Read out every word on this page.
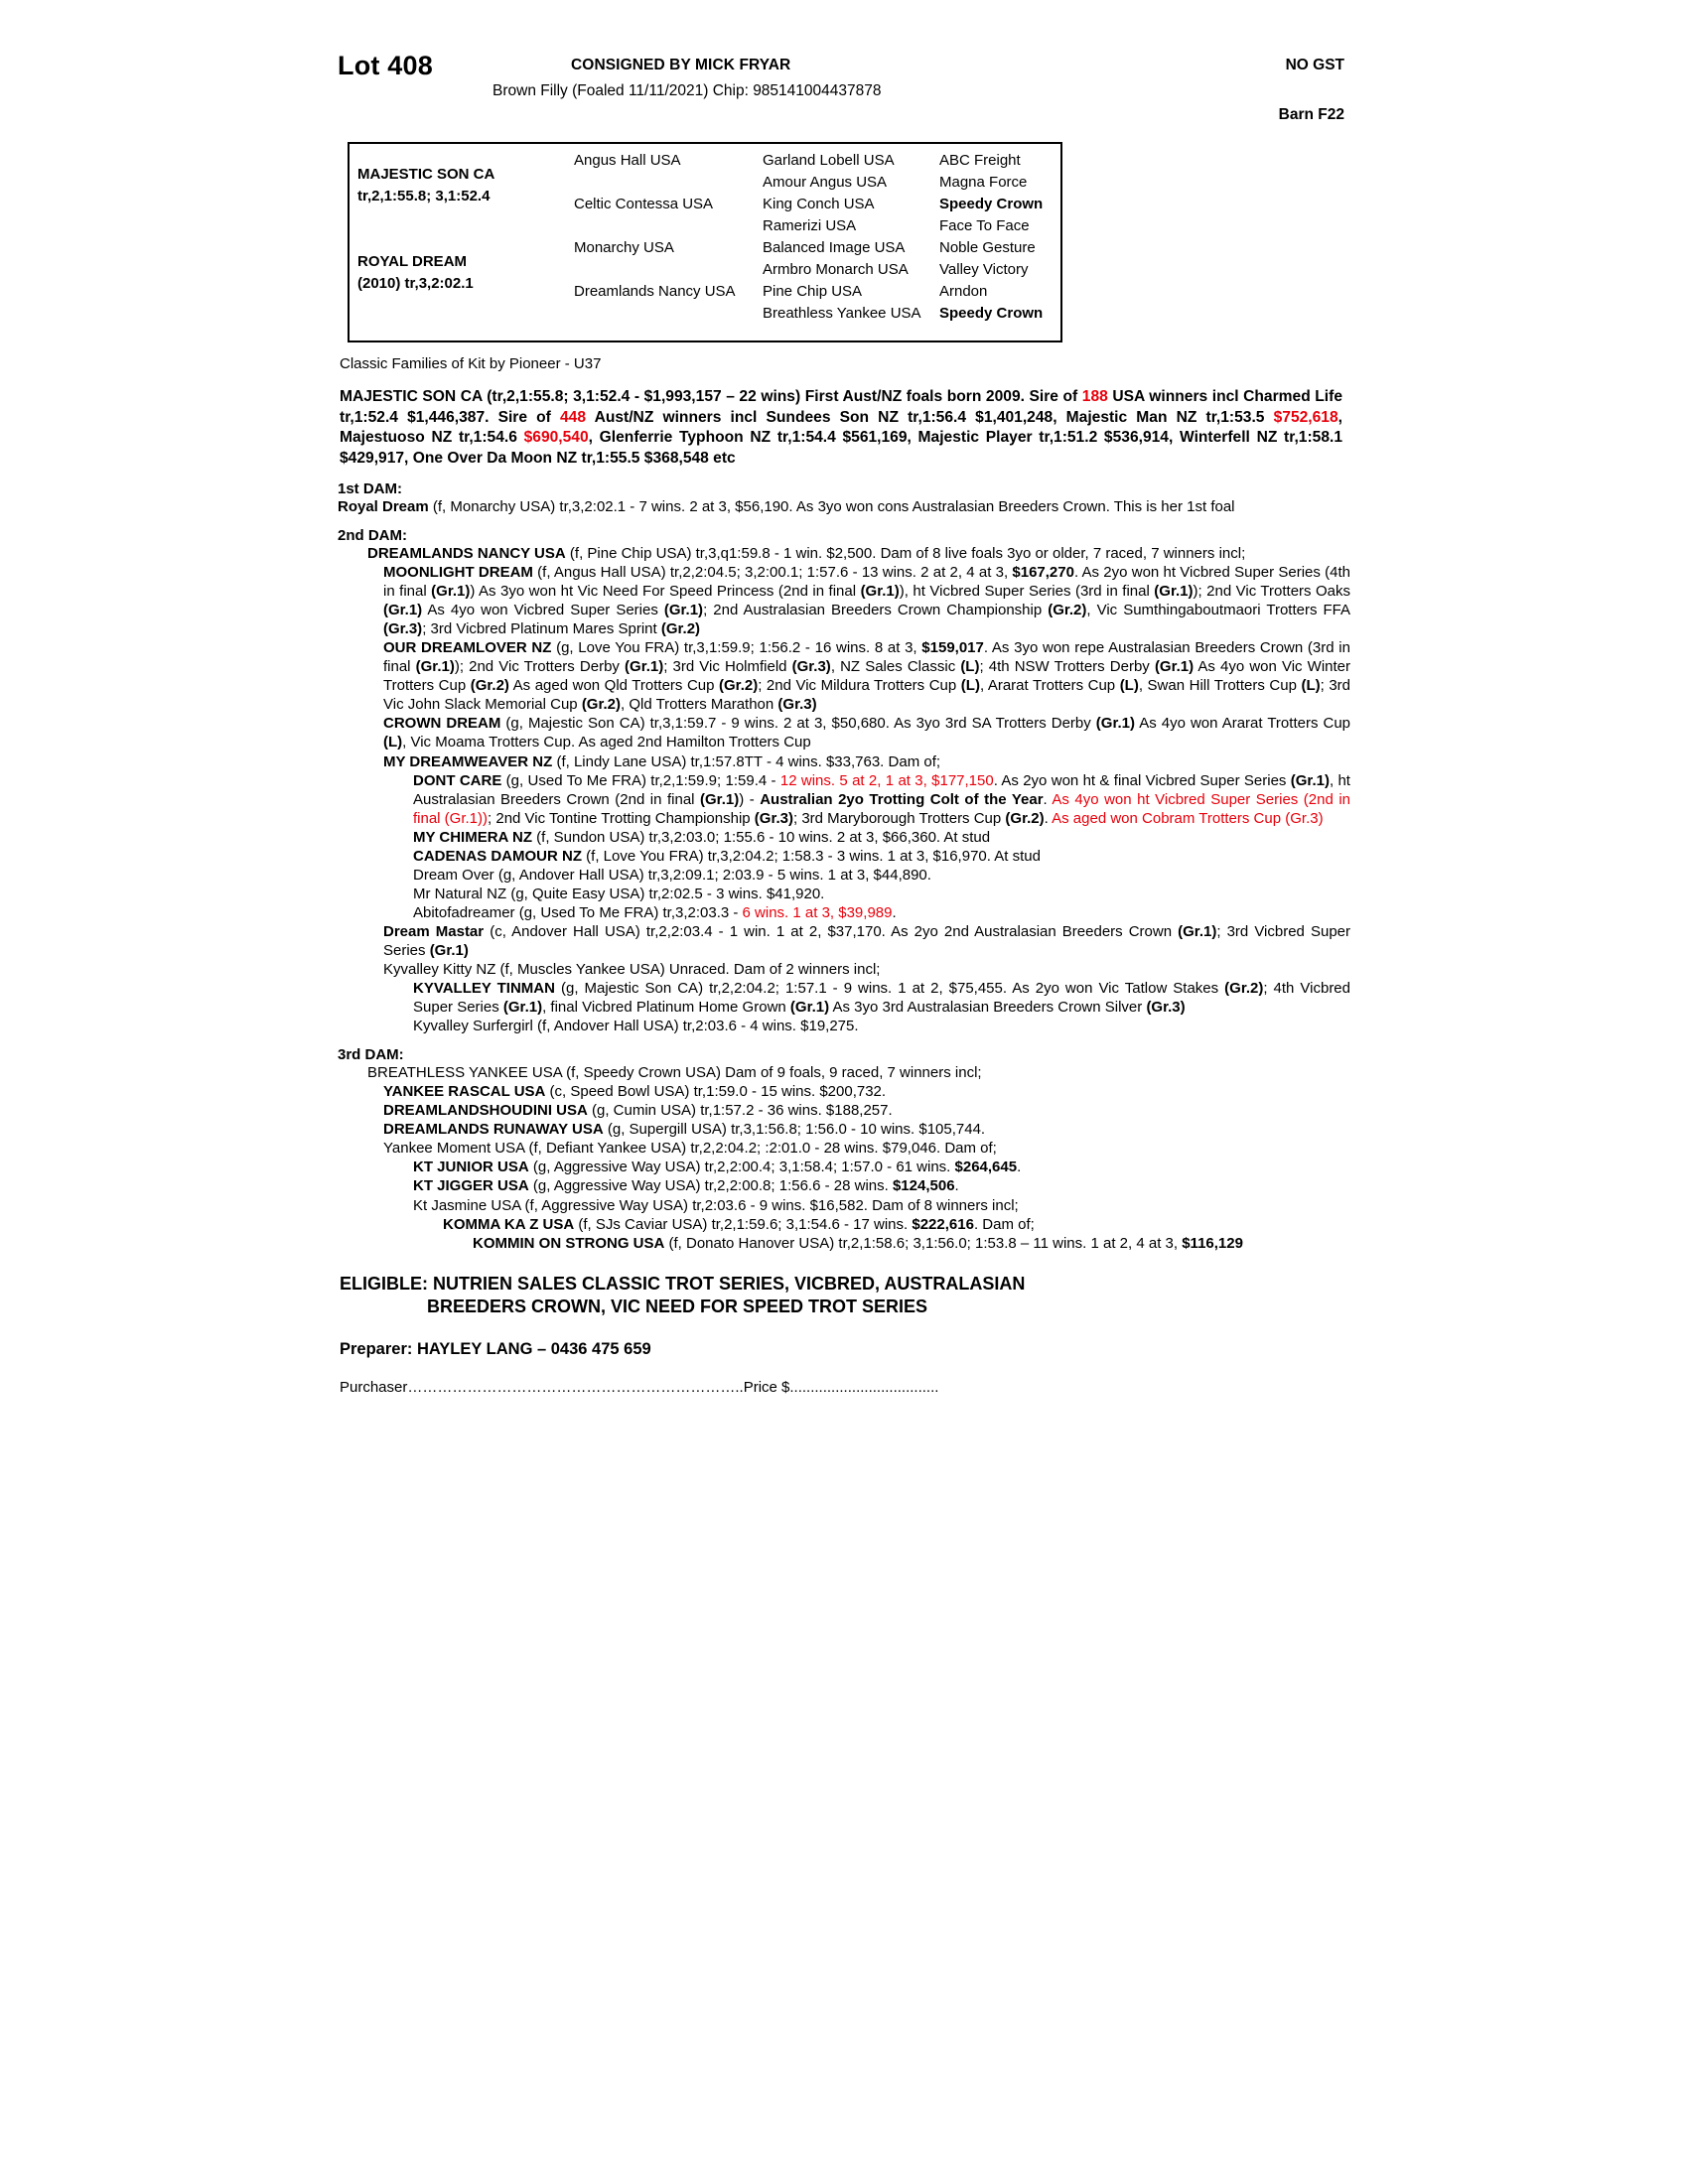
Lot 408	CONSIGNED BY MICK FRYAR	NO GST
Brown Filly (Foaled 11/11/2021) Chip: 985141004437878
Barn F22
MAJESTIC SON CA
tr,2,1:55.8; 3,1:52.4
ROYAL DREAM
(2010) tr,3,2:02.1
Angus Hall USA
Celtic Contessa USA
Monarchy USA
Dreamlands Nancy USA
Garland Lobell USA
Amour Angus USA
King Conch USA
Ramerizi USA
Balanced Image USA
Armbro Monarch USA
Pine Chip USA
Breathless Yankee USA
ABC Freight
Magna Force
Speedy Crown
Face To Face
Noble Gesture
Valley Victory
Arndon
Speedy Crown
Classic Families of Kit by Pioneer - U37
MAJESTIC SON CA (tr,2,1:55.8; 3,1:52.4 - $1,993,157 – 22 wins) First Aust/NZ foals born 2009. Sire of 188 USA winners incl Charmed Life tr,1:52.4 $1,446,387. Sire of 448 Aust/NZ winners incl Sundees Son NZ tr,1:56.4 $1,401,248, Majestic Man NZ tr,1:53.5 $752,618, Majestuoso NZ tr,1:54.6 $690,540, Glenferrie Typhoon NZ tr,1:54.4 $561,169, Majestic Player tr,1:51.2 $536,914, Winterfell NZ tr,1:58.1 $429,917, One Over Da Moon NZ tr,1:55.5 $368,548 etc
1st DAM:

Royal Dream (f, Monarchy USA) tr,3,2:02.1 - 7 wins. 2 at 3, $56,190. As 3yo won cons Australasian Breeders Crown. This is her 1st foal

2nd DAM:

DREAMLANDS NANCY USA (f, Pine Chip USA) tr,3,q1:59.8 - 1 win. $2,500. Dam of 8 live foals 3yo or older, 7 raced, 7 winners incl;

MOONLIGHT DREAM (f, Angus Hall USA) tr,2,2:04.5; 3,2:00.1; 1:57.6 - 13 wins. 2 at 2, 4 at 3, $167,270. As 2yo won ht Vicbred Super Series (4th in final (Gr.1)) As 3yo won ht Vic Need For Speed Princess (2nd in final (Gr.1)), ht Vicbred Super Series (3rd in final (Gr.1)); 2nd Vic Trotters Oaks (Gr.1) As 4yo won Vicbred Super Series (Gr.1); 2nd Australasian Breeders Crown Championship (Gr.2), Vic Sumthingaboutmaori Trotters FFA (Gr.3); 3rd Vicbred Platinum Mares Sprint (Gr.2)

OUR DREAMLOVER NZ (g, Love You FRA) tr,3,1:59.9; 1:56.2 - 16 wins. 8 at 3, $159,017. As 3yo won repe Australasian Breeders Crown (3rd in final (Gr.1)); 2nd Vic Trotters Derby (Gr.1); 3rd Vic Holmfield (Gr.3), NZ Sales Classic (L); 4th NSW Trotters Derby (Gr.1) As 4yo won Vic Winter Trotters Cup (Gr.2) As aged won Qld Trotters Cup (Gr.2); 2nd Vic Mildura Trotters Cup (L), Ararat Trotters Cup (L), Swan Hill Trotters Cup (L); 3rd Vic John Slack Memorial Cup (Gr.2), Qld Trotters Marathon (Gr.3)

CROWN DREAM (g, Majestic Son CA) tr,3,1:59.7 - 9 wins. 2 at 3, $50,680. As 3yo 3rd SA Trotters Derby (Gr.1) As 4yo won Ararat Trotters Cup (L), Vic Moama Trotters Cup. As aged 2nd Hamilton Trotters Cup

MY DREAMWEAVER NZ (f, Lindy Lane USA) tr,1:57.8TT - 4 wins. $33,763. Dam of;

DONT CARE (g, Used To Me FRA) tr,2,1:59.9; 1:59.4 - 12 wins. 5 at 2, 1 at 3, $177,150. As 2yo won ht & final Vicbred Super Series (Gr.1), ht Australasian Breeders Crown (2nd in final (Gr.1)) - Australian 2yo Trotting Colt of the Year. As 4yo won ht Vicbred Super Series (2nd in final (Gr.1)); 2nd Vic Tontine Trotting Championship (Gr.3); 3rd Maryborough Trotters Cup (Gr.2). As aged won Cobram Trotters Cup (Gr.3)

MY CHIMERA NZ (f, Sundon USA) tr,3,2:03.0; 1:55.6 - 10 wins. 2 at 3, $66,360. At stud

CADENAS DAMOUR NZ (f, Love You FRA) tr,3,2:04.2; 1:58.3 - 3 wins. 1 at 3, $16,970. At stud

Dream Over (g, Andover Hall USA) tr,3,2:09.1; 2:03.9 - 5 wins. 1 at 3, $44,890.

Mr Natural NZ (g, Quite Easy USA) tr,2:02.5 - 3 wins. $41,920.

Abitofadreamer (g, Used To Me FRA) tr,3,2:03.3 - 6 wins. 1 at 3, $39,989.

Dream Mastar (c, Andover Hall USA) tr,2,2:03.4 - 1 win. 1 at 2, $37,170. As 2yo 2nd Australasian Breeders Crown (Gr.1); 3rd Vicbred Super Series (Gr.1)

Kyvalley Kitty NZ (f, Muscles Yankee USA) Unraced. Dam of 2 winners incl;

KYVALLEY TINMAN (g, Majestic Son CA) tr,2,2:04.2; 1:57.1 - 9 wins. 1 at 2, $75,455. As 2yo won Vic Tatlow Stakes (Gr.2); 4th Vicbred Super Series (Gr.1), final Vicbred Platinum Home Grown (Gr.1) As 3yo 3rd Australasian Breeders Crown Silver (Gr.3)

Kyvalley Surfergirl (f, Andover Hall USA) tr,2:03.6 - 4 wins. $19,275.

3rd DAM:

BREATHLESS YANKEE USA (f, Speedy Crown USA) Dam of 9 foals, 9 raced, 7 winners incl;

YANKEE RASCAL USA (c, Speed Bowl USA) tr,1:59.0 - 15 wins. $200,732.

DREAMLANDSHOUDINI USA (g, Cumin USA) tr,1:57.2 - 36 wins. $188,257.

DREAMLANDS RUNAWAY USA (g, Supergill USA) tr,3,1:56.8; 1:56.0 - 10 wins. $105,744.

Yankee Moment USA (f, Defiant Yankee USA) tr,2,2:04.2; :2:01.0 - 28 wins. $79,046. Dam of;

KT JUNIOR USA (g, Aggressive Way USA) tr,2,2:00.4; 3,1:58.4; 1:57.0 - 61 wins. $264,645.

KT JIGGER USA (g, Aggressive Way USA) tr,2,2:00.8; 1:56.6 - 28 wins. $124,506.

Kt Jasmine USA (f, Aggressive Way USA) tr,2:03.6 - 9 wins. $16,582. Dam of 8 winners incl;

KOMMA KA Z USA (f, SJs Caviar USA) tr,2,1:59.6; 3,1:54.6 - 17 wins. $222,616. Dam of;

KOMMIN ON STRONG USA (f, Donato Hanover USA) tr,2,1:58.6; 3,1:56.0; 1:53.8 – 11 wins. 1 at 2, 4 at 3, $116,129

ELIGIBLE: NUTRIEN SALES CLASSIC TROT SERIES, VICBRED, AUSTRALASIAN
BREEDERS CROWN, VIC NEED FOR SPEED TROT SERIES
Preparer: HAYLEY LANG – 0436 475 659
Purchaser…………………………………………………………..Price $....................................
